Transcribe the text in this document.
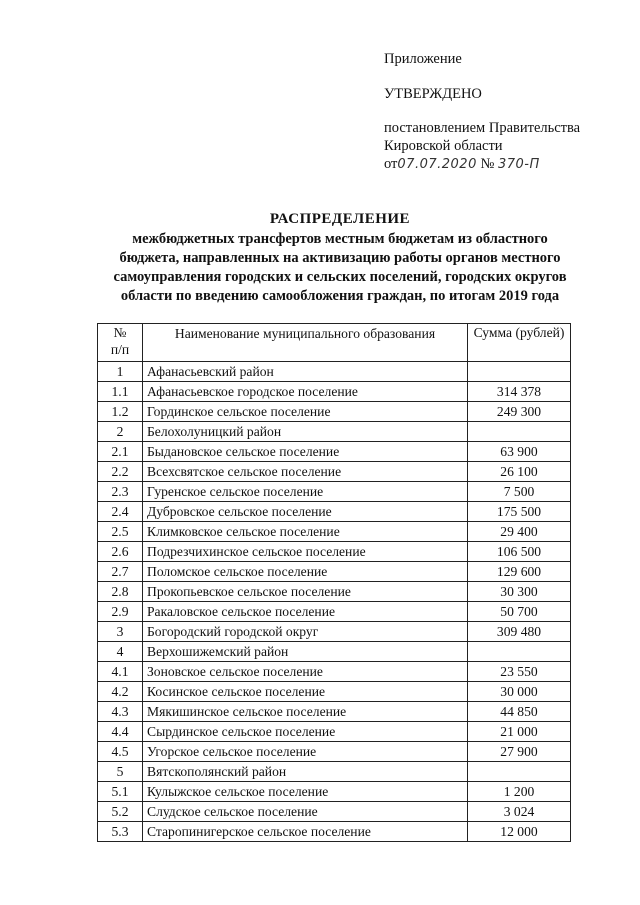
Приложение
УТВЕРЖДЕНО
постановлением Правительства
Кировской области
от07.07.2020 № 370-П
РАСПРЕДЕЛЕНИЕ
межбюджетных трансфертов местным бюджетам из областного
бюджета, направленных на активизацию работы органов местного
самоуправления городских и сельских поселений, городских округов
области по введению самообложения граждан, по итогам 2019 года
№
п/п	Наименование муниципального образования	Сумма (рублей)
1	Афанасьевский район	
1.1	Афанасьевское городское поселение	314 378
1.2	Гординское сельское поселение	249 300
2	Белохолуницкий район	
2.1	Быдановское сельское поселение	63 900
2.2	Всехсвятское сельское поселение	26 100
2.3	Гуренское сельское поселение	7 500
2.4	Дубровское сельское поселение	175 500
2.5	Климковское сельское поселение	29 400
2.6	Подрезчихинское сельское поселение	106 500
2.7	Поломское сельское поселение	129 600
2.8	Прокопьевское сельское поселение	30 300
2.9	Ракаловское сельское поселение	50 700
3	Богородский городской округ	309 480
4	Верхошижемский район	
4.1	Зоновское сельское поселение	23 550
4.2	Косинское сельское поселение	30 000
4.3	Мякишинское сельское поселение	44 850
4.4	Сырдинское сельское поселение	21 000
4.5	Угорское сельское поселение	27 900
5	Вятскополянский район	
5.1	Кулыжское сельское поселение	1 200
5.2	Слудское сельское поселение	3 024
5.3	Старопинигерское сельское поселение	12 000
